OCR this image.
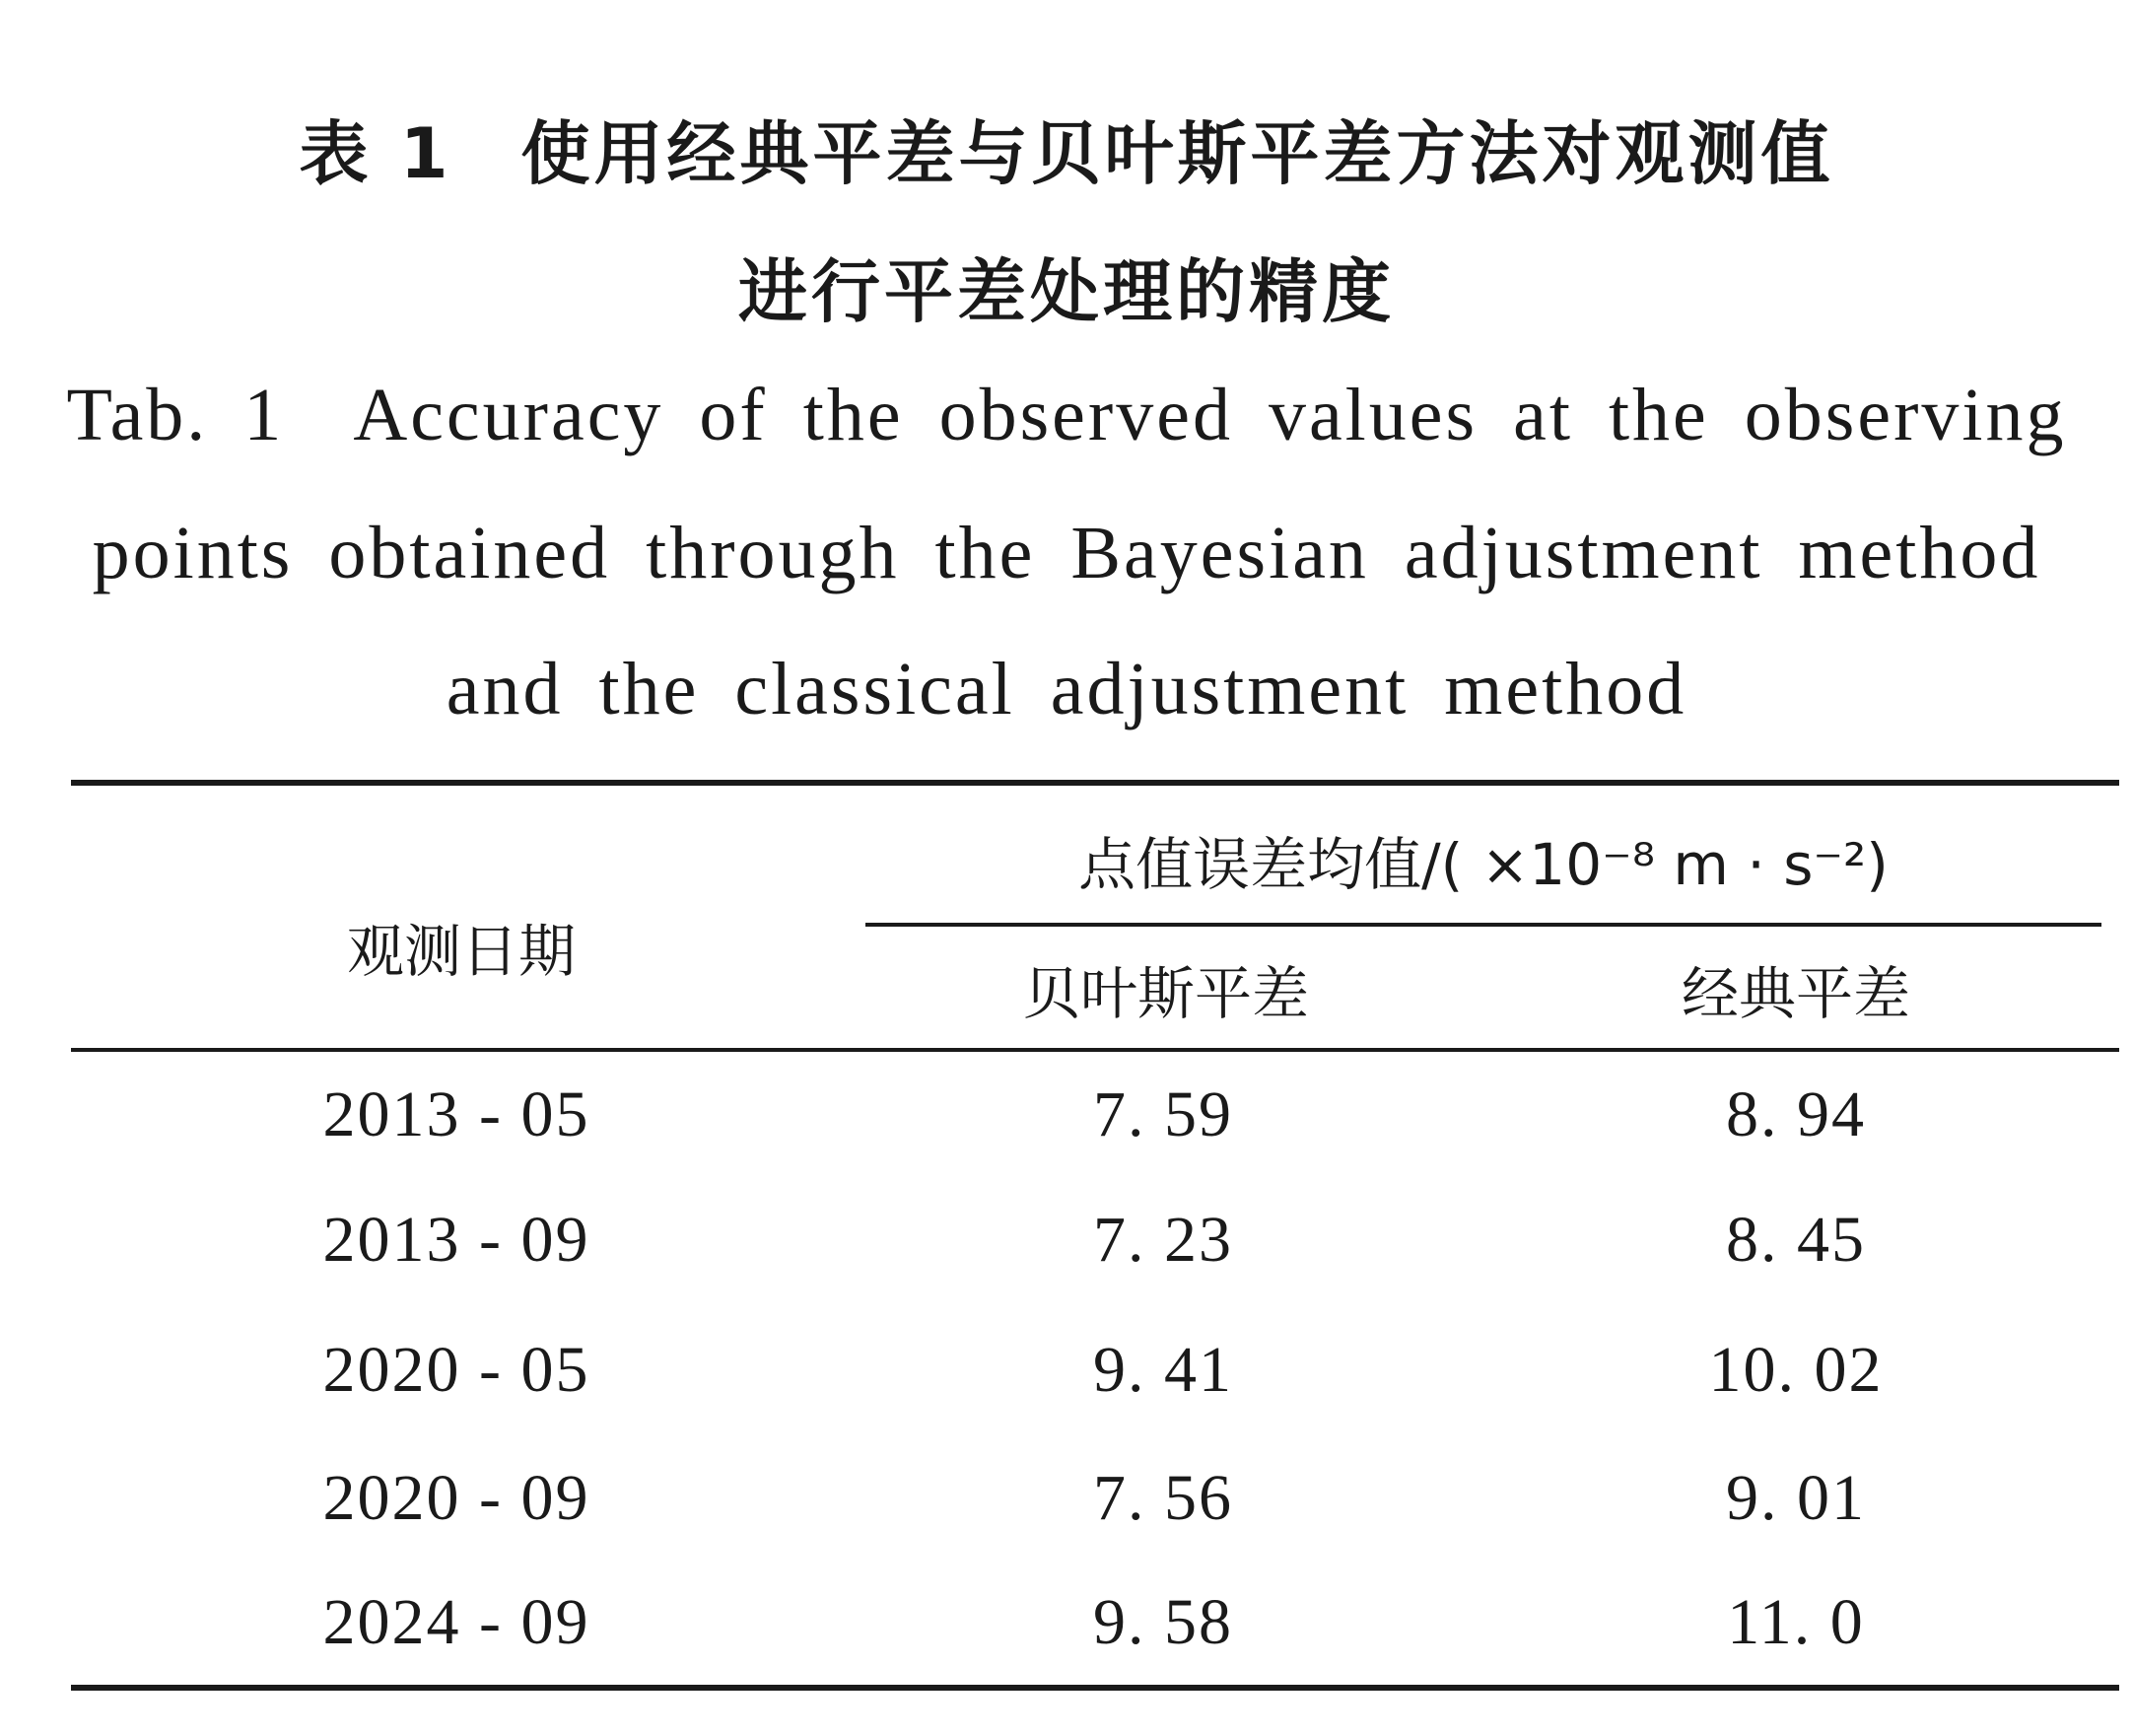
表 1 使用经典平差与贝叶斯平差方法对观测值
进行平差处理的精度
Tab. 1 Accuracy of the observed values at the observing
points obtained through the Bayesian adjustment method
and the classical adjustment method
观测日期
点值误差均值/( ×10⁻⁸ m · s⁻²)
贝叶斯平差	经典平差
2013 - 05	7. 59	8. 94
2013 - 09	7. 23	8. 45
2020 - 05	9. 41	10. 02
2020 - 09	7. 56	9. 01
2024 - 09	9. 58	11. 0
